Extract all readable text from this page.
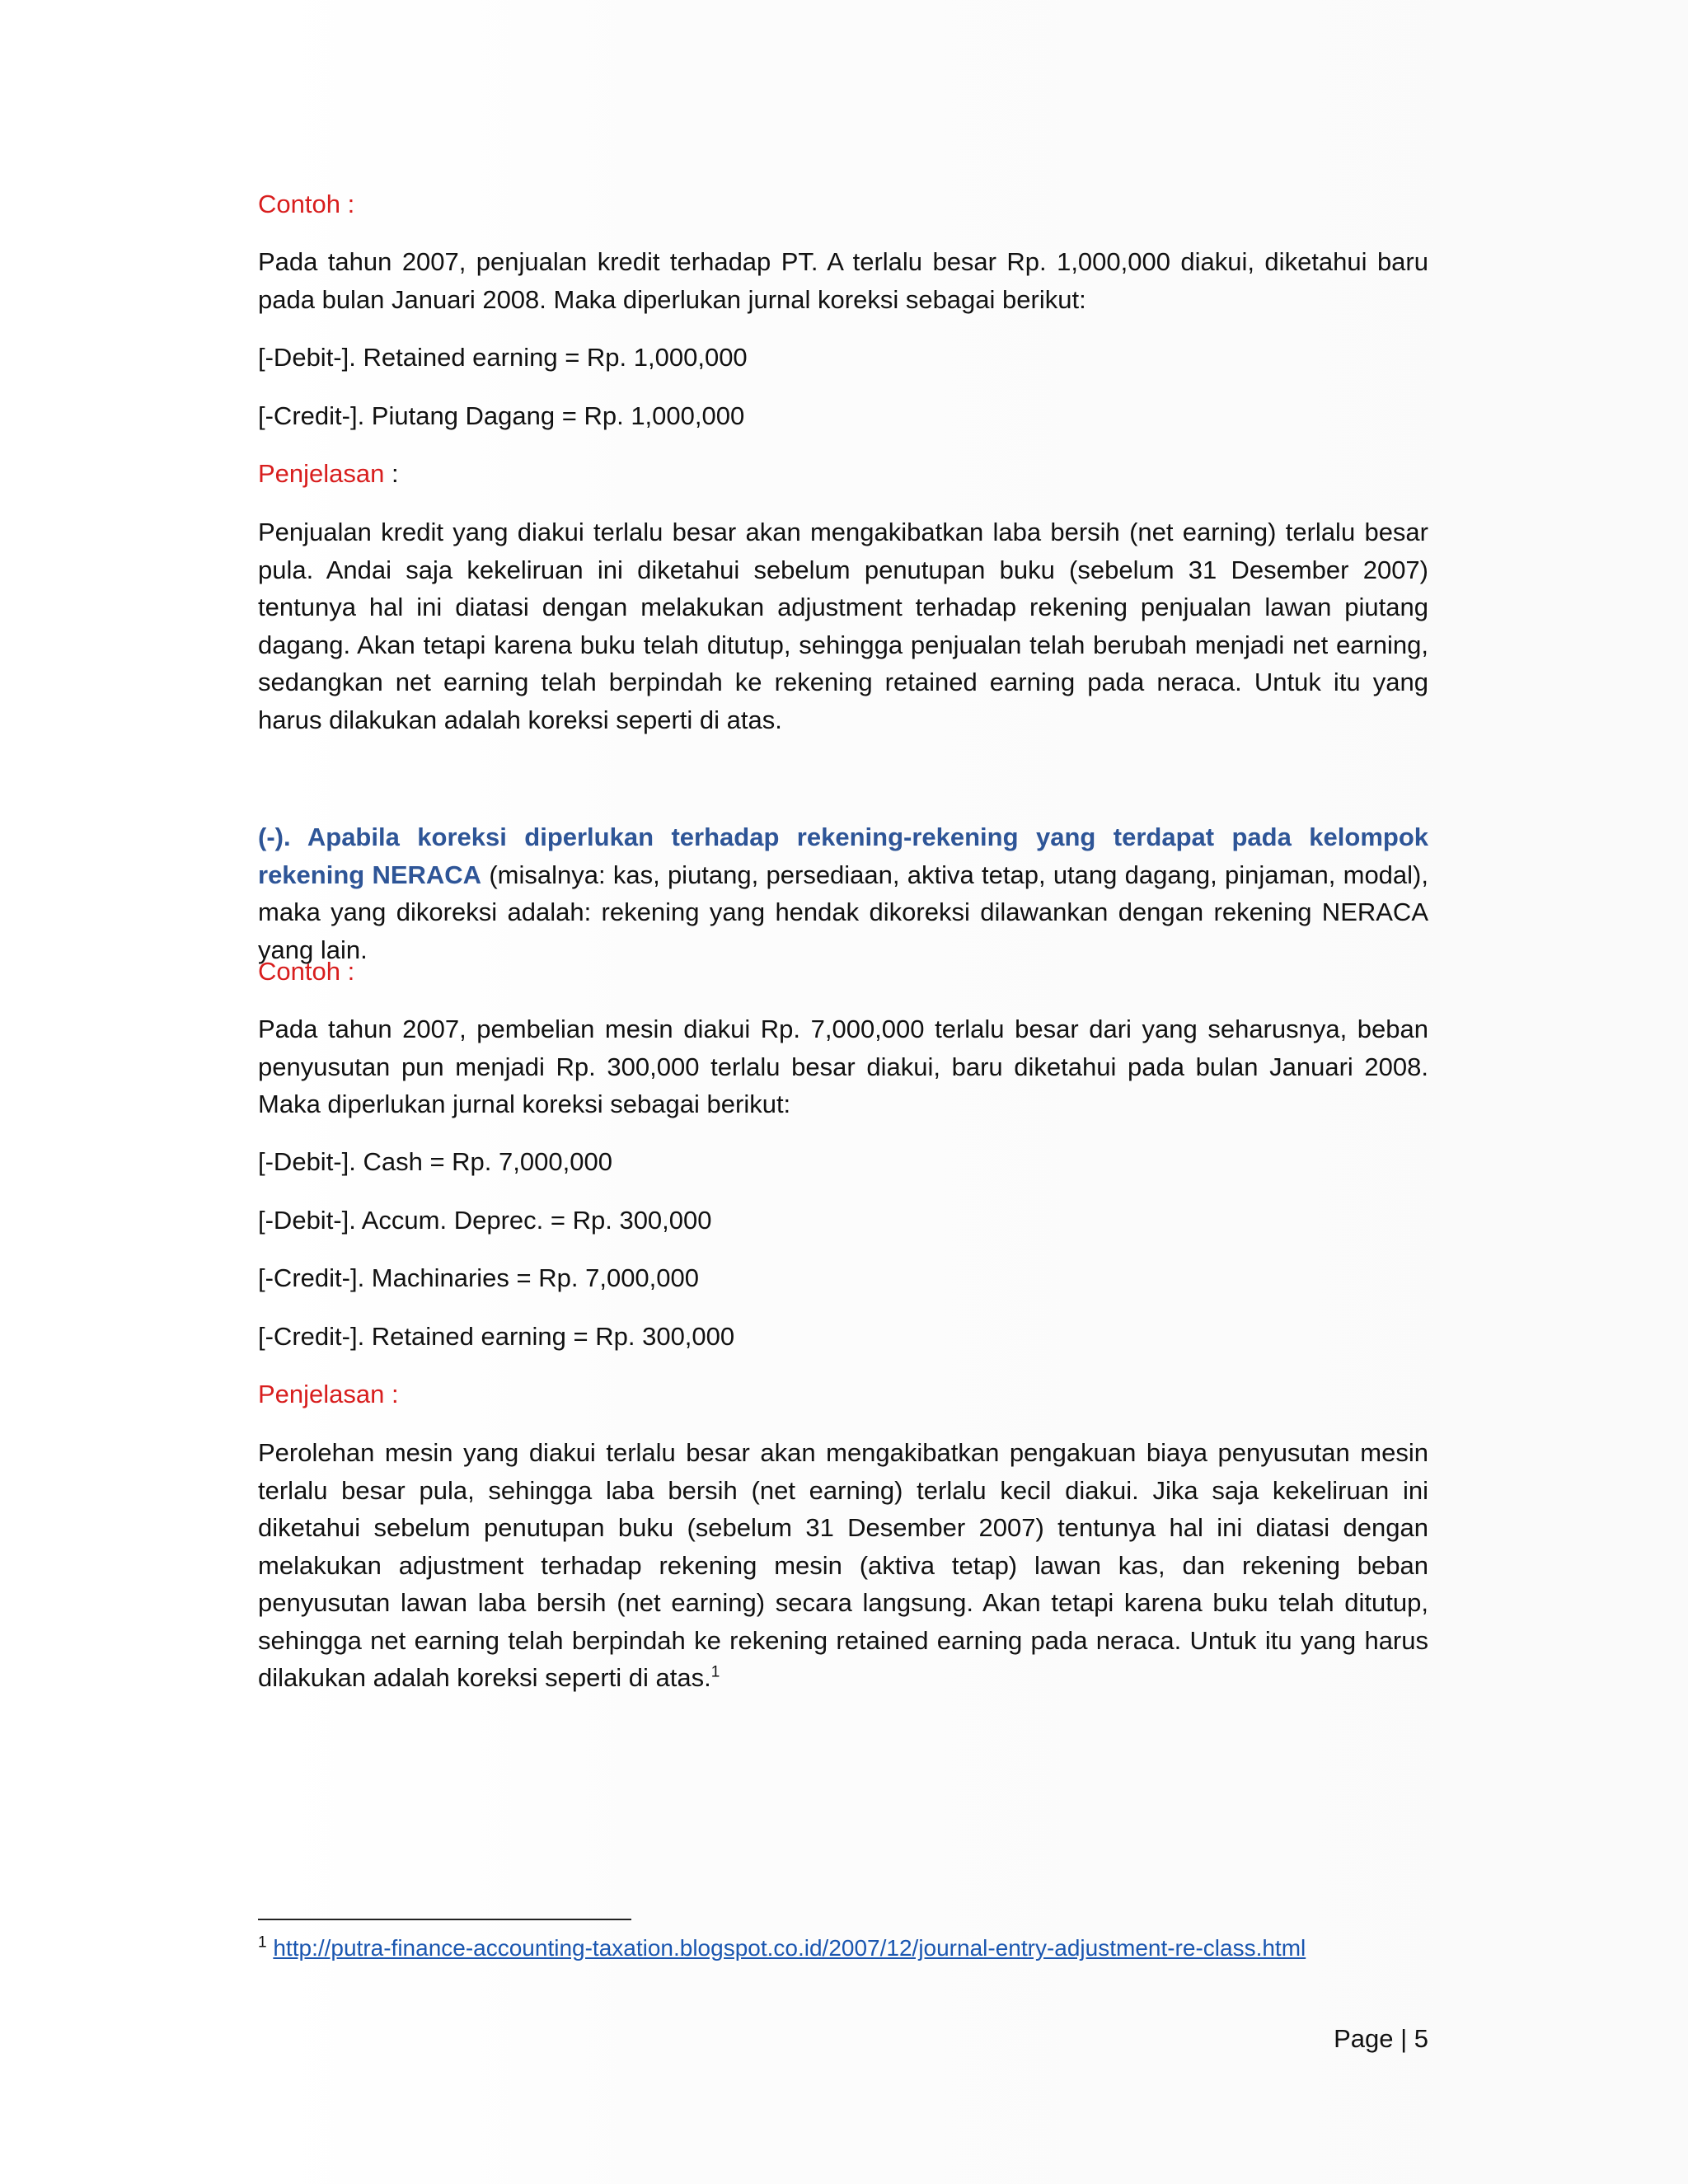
Contoh :

Pada tahun 2007, penjualan kredit terhadap PT. A terlalu besar Rp. 1,000,000 diakui, diketahui baru pada bulan Januari 2008. Maka diperlukan jurnal koreksi sebagai berikut:

[-Debit-]. Retained earning = Rp. 1,000,000

[-Credit-]. Piutang Dagang = Rp. 1,000,000

Penjelasan :

Penjualan kredit yang diakui terlalu besar akan mengakibatkan laba bersih (net earning) terlalu besar pula. Andai saja kekeliruan ini diketahui sebelum penutupan buku (sebelum 31 Desember 2007) tentunya hal ini diatasi dengan melakukan adjustment terhadap rekening penjualan lawan piutang dagang. Akan tetapi karena buku telah ditutup, sehingga penjualan telah berubah menjadi net earning, sedangkan net earning telah berpindah ke rekening retained earning pada neraca. Untuk itu yang harus dilakukan adalah koreksi seperti di atas.

(-). Apabila koreksi diperlukan terhadap rekening-rekening yang terdapat pada kelompok rekening NERACA (misalnya: kas, piutang, persediaan, aktiva tetap, utang dagang, pinjaman, modal), maka yang dikoreksi adalah: rekening yang hendak dikoreksi dilawankan dengan rekening NERACA yang lain.

Contoh :

Pada tahun 2007, pembelian mesin diakui Rp. 7,000,000 terlalu besar dari yang seharusnya, beban penyusutan pun menjadi Rp. 300,000 terlalu besar diakui, baru diketahui pada bulan Januari 2008. Maka diperlukan jurnal koreksi sebagai berikut:

[-Debit-]. Cash = Rp. 7,000,000

[-Debit-]. Accum. Deprec. = Rp. 300,000

[-Credit-]. Machinaries = Rp. 7,000,000

[-Credit-]. Retained earning = Rp. 300,000

Penjelasan :

Perolehan mesin yang diakui terlalu besar akan mengakibatkan pengakuan biaya penyusutan mesin terlalu besar pula, sehingga laba bersih (net earning) terlalu kecil diakui. Jika saja kekeliruan ini diketahui sebelum penutupan buku (sebelum 31 Desember 2007) tentunya hal ini diatasi dengan melakukan adjustment terhadap rekening mesin (aktiva tetap) lawan kas, dan rekening beban penyusutan lawan laba bersih (net earning) secara langsung. Akan tetapi karena buku telah ditutup, sehingga net earning telah berpindah ke rekening retained earning pada neraca. Untuk itu yang harus dilakukan adalah koreksi seperti di atas.$^1$

$^1$ http://putra-finance-accounting-taxation.blogspot.co.id/2007/12/journal-entry-adjustment-re-class.html
Page | 5
